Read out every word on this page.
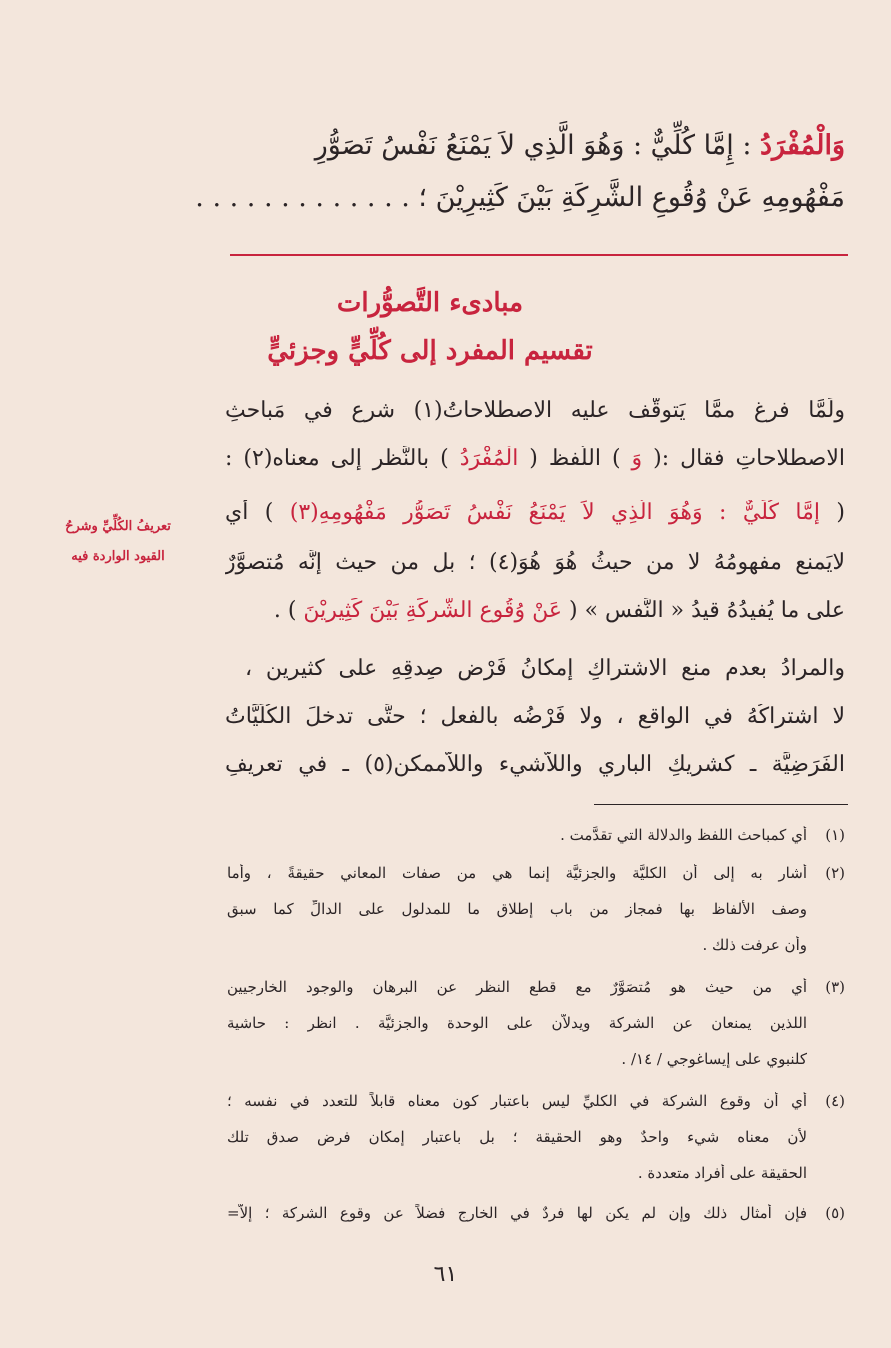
وَالْمُفْرَدُ : إِمَّا كُلِّيٌّ : وَهُوَ الَّذِي لاَ يَمْنَعُ نَفْسُ تَصَوُّرِ
مَفْهُومِهِ عَنْ وُقُوعِ الشَّرِكَةِ بَيْنَ كَثِيرِيْنَ ؛ . . . . . . . . . . . . .
مبادىء التَّصوُّرات
تقسيم المفرد إلى كُلِّيٍّ وجزئيٍّ
ولَمَّا فرغ ممَّا يَتوقَّف عليه الاصطلاحاتُ(١) شرع في مَباحثِ
الاصطلاحاتِ فقال :( وَ ) اللَّفظ ( الْمُفْرَدُ ) بالنَّظر إلى معناه(٢) :
( إِمَّا كُلِّيٌّ : وَهُوَ الَّذِي لاَ يَمْنَعُ نَفْسُ تَصَوُّرِ مَفْهُومِهِ(٣) ) أي
لايَمنع مفهومُهُ لا من حيثُ هُوَ هُوَ(٤) ؛ بل من حيث إنَّه مُتصوَّرٌ
على ما يُفيدُهُ قيدُ « النَّفسِ » ( عَنْ وُقُوعِ الشَّرِكَةِ بَيْنَ كَثِيرِيْنَ ) .
والمرادُ بعدم منع الاشتراكِ إمكانُ فَرْضِ صِدقِهِ على كثيرين ،
لا اشتراكُهُ في الواقعِ ، ولا فَرْضُه بالفعل ؛ حتَّى تدخلَ الكُلِّيَّاتُ
الفَرَضِيَّة ـ كشريكِ الباري واللاَّشيء واللاَّممكن(٥) ـ في تعريفِ
تعريفُ الكُلِّيِّ وشرحُ
القيود الواردة فيه
(١)
أي كمباحث اللفظ والدلالة التي تقدَّمت .
(٢)
أشار به إلى أن الكليَّة والجزئيَّة إنما هي من صفات المعاني حقيقةً ، وأما
وصف الألفاظ بها فمجاز من باب إطلاق ما للمدلول على الدالِّ كما سبق
وأن عرفت ذلك .
(٣)
أي من حيث هو مُتصَوَّرٌ مع قطع النظر عن البرهان والوجود الخارجيين
اللذين يمنعان عن الشركة ويدلاَّن على الوحدة والجزئيَّة . انظر : حاشية
كلنبوي على إيساغوجي / ١٤/ .
(٤)
أي أن وقوع الشركة في الكليِّ ليس باعتبار كون معناه قابلاً للتعدد في نفسه ؛
لأن معناه شيء واحدٌ وهو الحقيقة ؛ بل باعتبار إمكان فرض صدق تلك
الحقيقة على أفراد متعددة .
(٥)
فإن أمثال ذلك وإن لم يكن لها فردٌ في الخارج فضلاً عن وقوع الشركة ؛ إلاَّ=
٦١
